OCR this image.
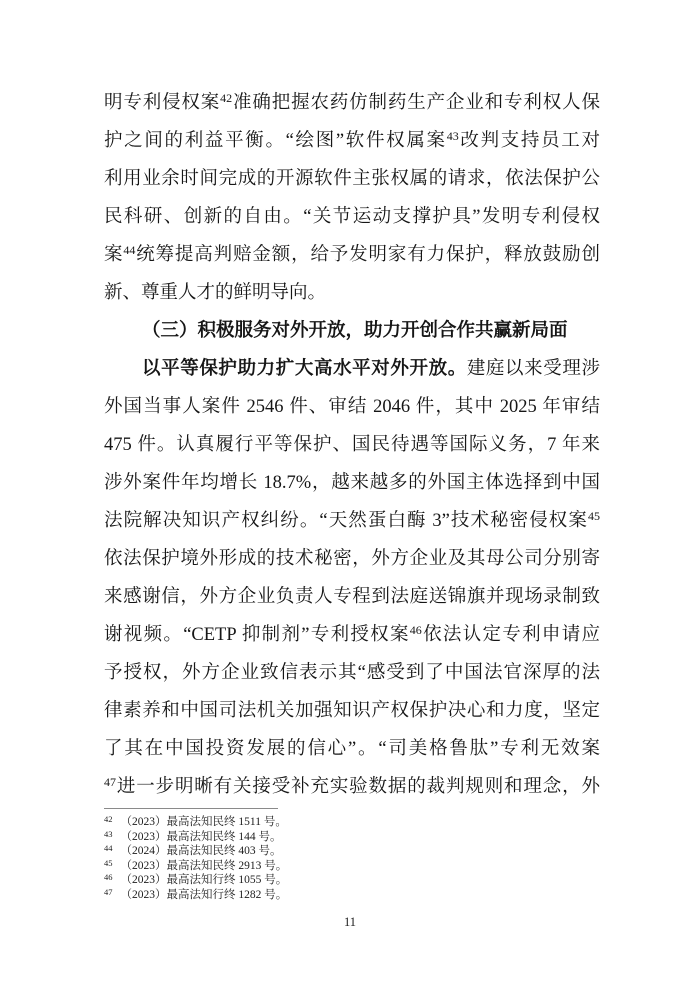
明专利侵权案$^{42}$准确把握农药仿制药生产企业和专利权人保
护之间的利益平衡。“绘图”软件权属案$^{43}$改判支持员工对
利用业余时间完成的开源软件主张权属的请求，依法保护公
民科研、创新的自由。“关节运动支撑护具”发明专利侵权
案$^{44}$统筹提高判赔金额，给予发明家有力保护，释放鼓励创
新、尊重人才的鲜明导向。
（三）积极服务对外开放，助力开创合作共赢新局面
以平等保护助力扩大高水平对外开放。建庭以来受理涉
外国当事人案件 2546 件、审结 2046 件，其中 2025 年审结
475 件。认真履行平等保护、国民待遇等国际义务，7 年来
涉外案件年均增长 18.7%，越来越多的外国主体选择到中国
法院解决知识产权纠纷。“天然蛋白酶 3”技术秘密侵权案$^{45}$
依法保护境外形成的技术秘密，外方企业及其母公司分别寄
来感谢信，外方企业负责人专程到法庭送锦旗并现场录制致
谢视频。“CETP 抑制剂”专利授权案$^{46}$依法认定专利申请应
予授权，外方企业致信表示其“感受到了中国法官深厚的法
律素养和中国司法机关加强知识产权保护决心和力度，坚定
了其在中国投资发展的信心”。“司美格鲁肽”专利无效案
$^{47}$进一步明晰有关接受补充实验数据的裁判规则和理念，外
$^{42}$ （2023）最高法知民终 1511 号。
$^{43}$ （2023）最高法知民终 144 号。
$^{44}$ （2024）最高法知民终 403 号。
$^{45}$ （2023）最高法知民终 2913 号。
$^{46}$ （2023）最高法知行终 1055 号。
$^{47}$ （2023）最高法知行终 1282 号。
11
